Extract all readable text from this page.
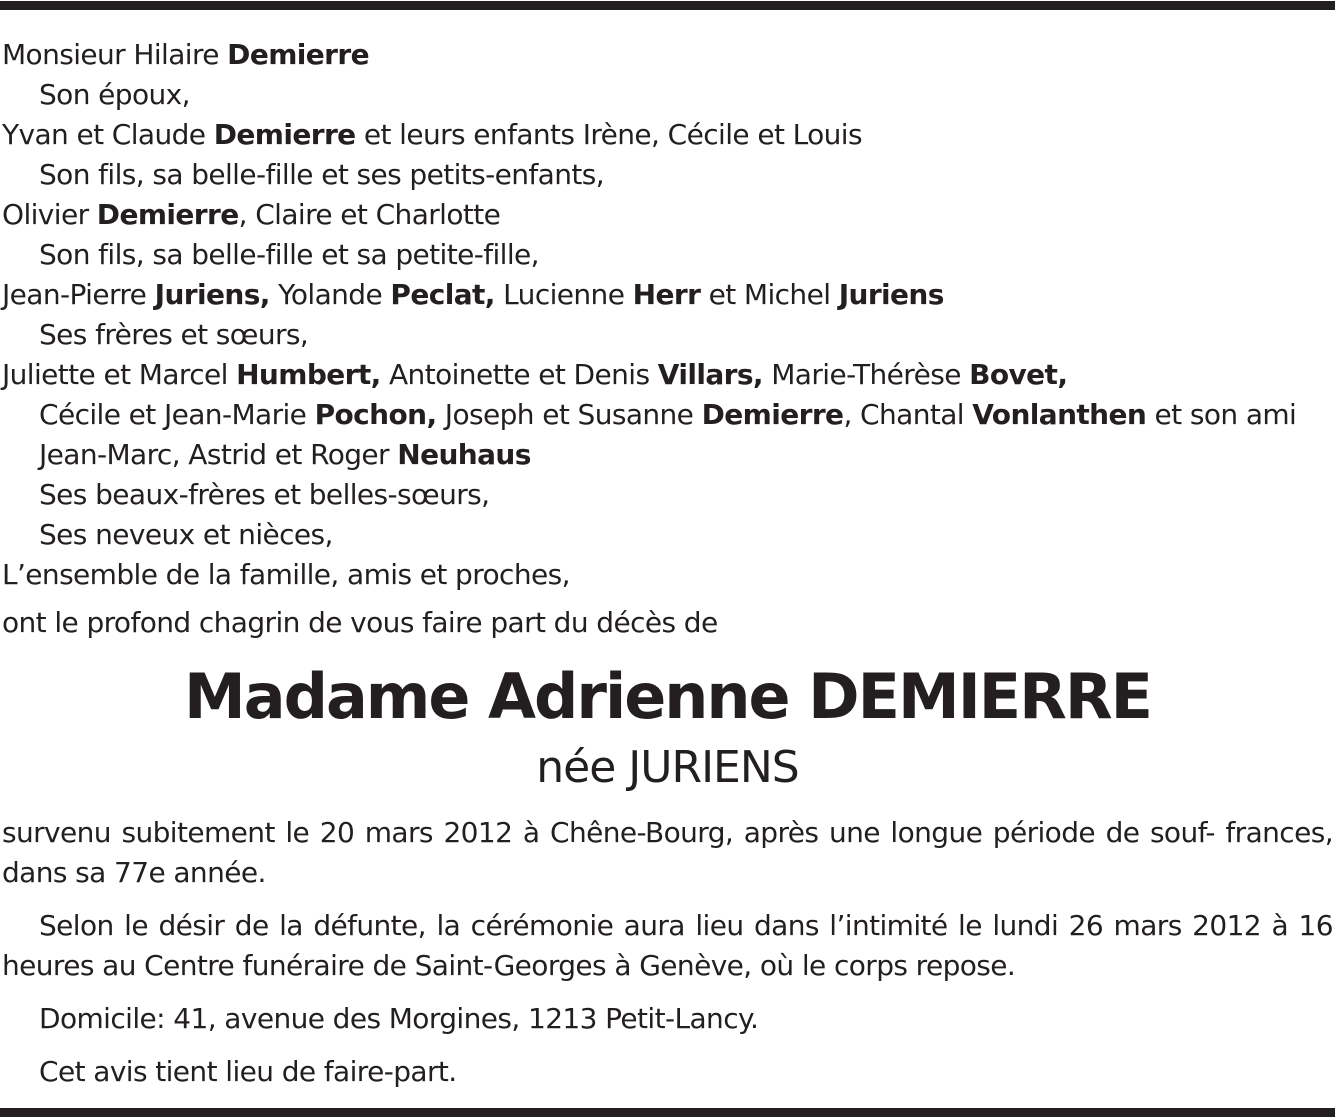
Monsieur Hilaire Demierre
Son époux,
Yvan et Claude Demierre et leurs enfants Irène, Cécile et Louis
Son fils, sa belle-fille et ses petits-enfants,
Olivier Demierre, Claire et Charlotte
Son fils, sa belle-fille et sa petite-fille,
Jean-Pierre Juriens, Yolande Peclat, Lucienne Herr et Michel Juriens
Ses frères et sœurs,
Juliette et Marcel Humbert, Antoinette et Denis Villars, Marie-Thérèse Bovet,
Cécile et Jean-Marie Pochon, Joseph et Susanne Demierre, Chantal Vonlanthen et son ami Jean-Marc, Astrid et Roger Neuhaus
Ses beaux-frères et belles-sœurs,
Ses neveux et nièces,
L’ensemble de la famille, amis et proches,
ont le profond chagrin de vous faire part du décès de
Madame Adrienne DEMIERRE
née JURIENS
survenu subitement le 20 mars 2012 à Chêne-Bourg, après une longue période de souf- frances, dans sa 77e année.
Selon le désir de la défunte, la cérémonie aura lieu dans l’intimité le lundi 26 mars 2012 à 16 heures au Centre funéraire de Saint-Georges à Genève, où le corps repose.
Domicile: 41, avenue des Morgines, 1213 Petit-Lancy.
Cet avis tient lieu de faire-part.
